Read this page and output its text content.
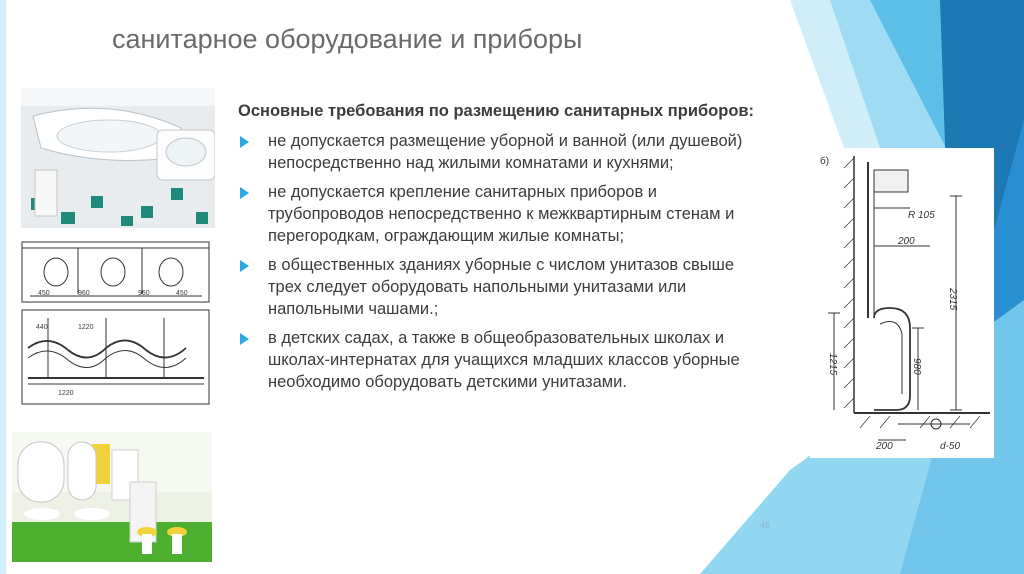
санитарное оборудование и приборы
450	960	960	450
440	1220
1220

Основные требования по размещению санитарных приборов:

не допускается размещение уборной и ванной (или душевой) непосредственно над жилыми комнатами и кухнями;
не допускается крепление санитарных приборов и трубопроводов непосредственно к межквартирным стенам и перегородкам, ограждающим жилые комнаты;
в общественных зданиях уборные с числом унитазов свыше трех следует оборудовать напольными унитазами или напольными чашами.;
в детских садах, а также в общеобразовательных школах и школах-интернатах для учащихся младших классов уборные необходимо оборудовать детскими унитазами.
б)
R 105
200
2315
1215	980
200	d-50
48
